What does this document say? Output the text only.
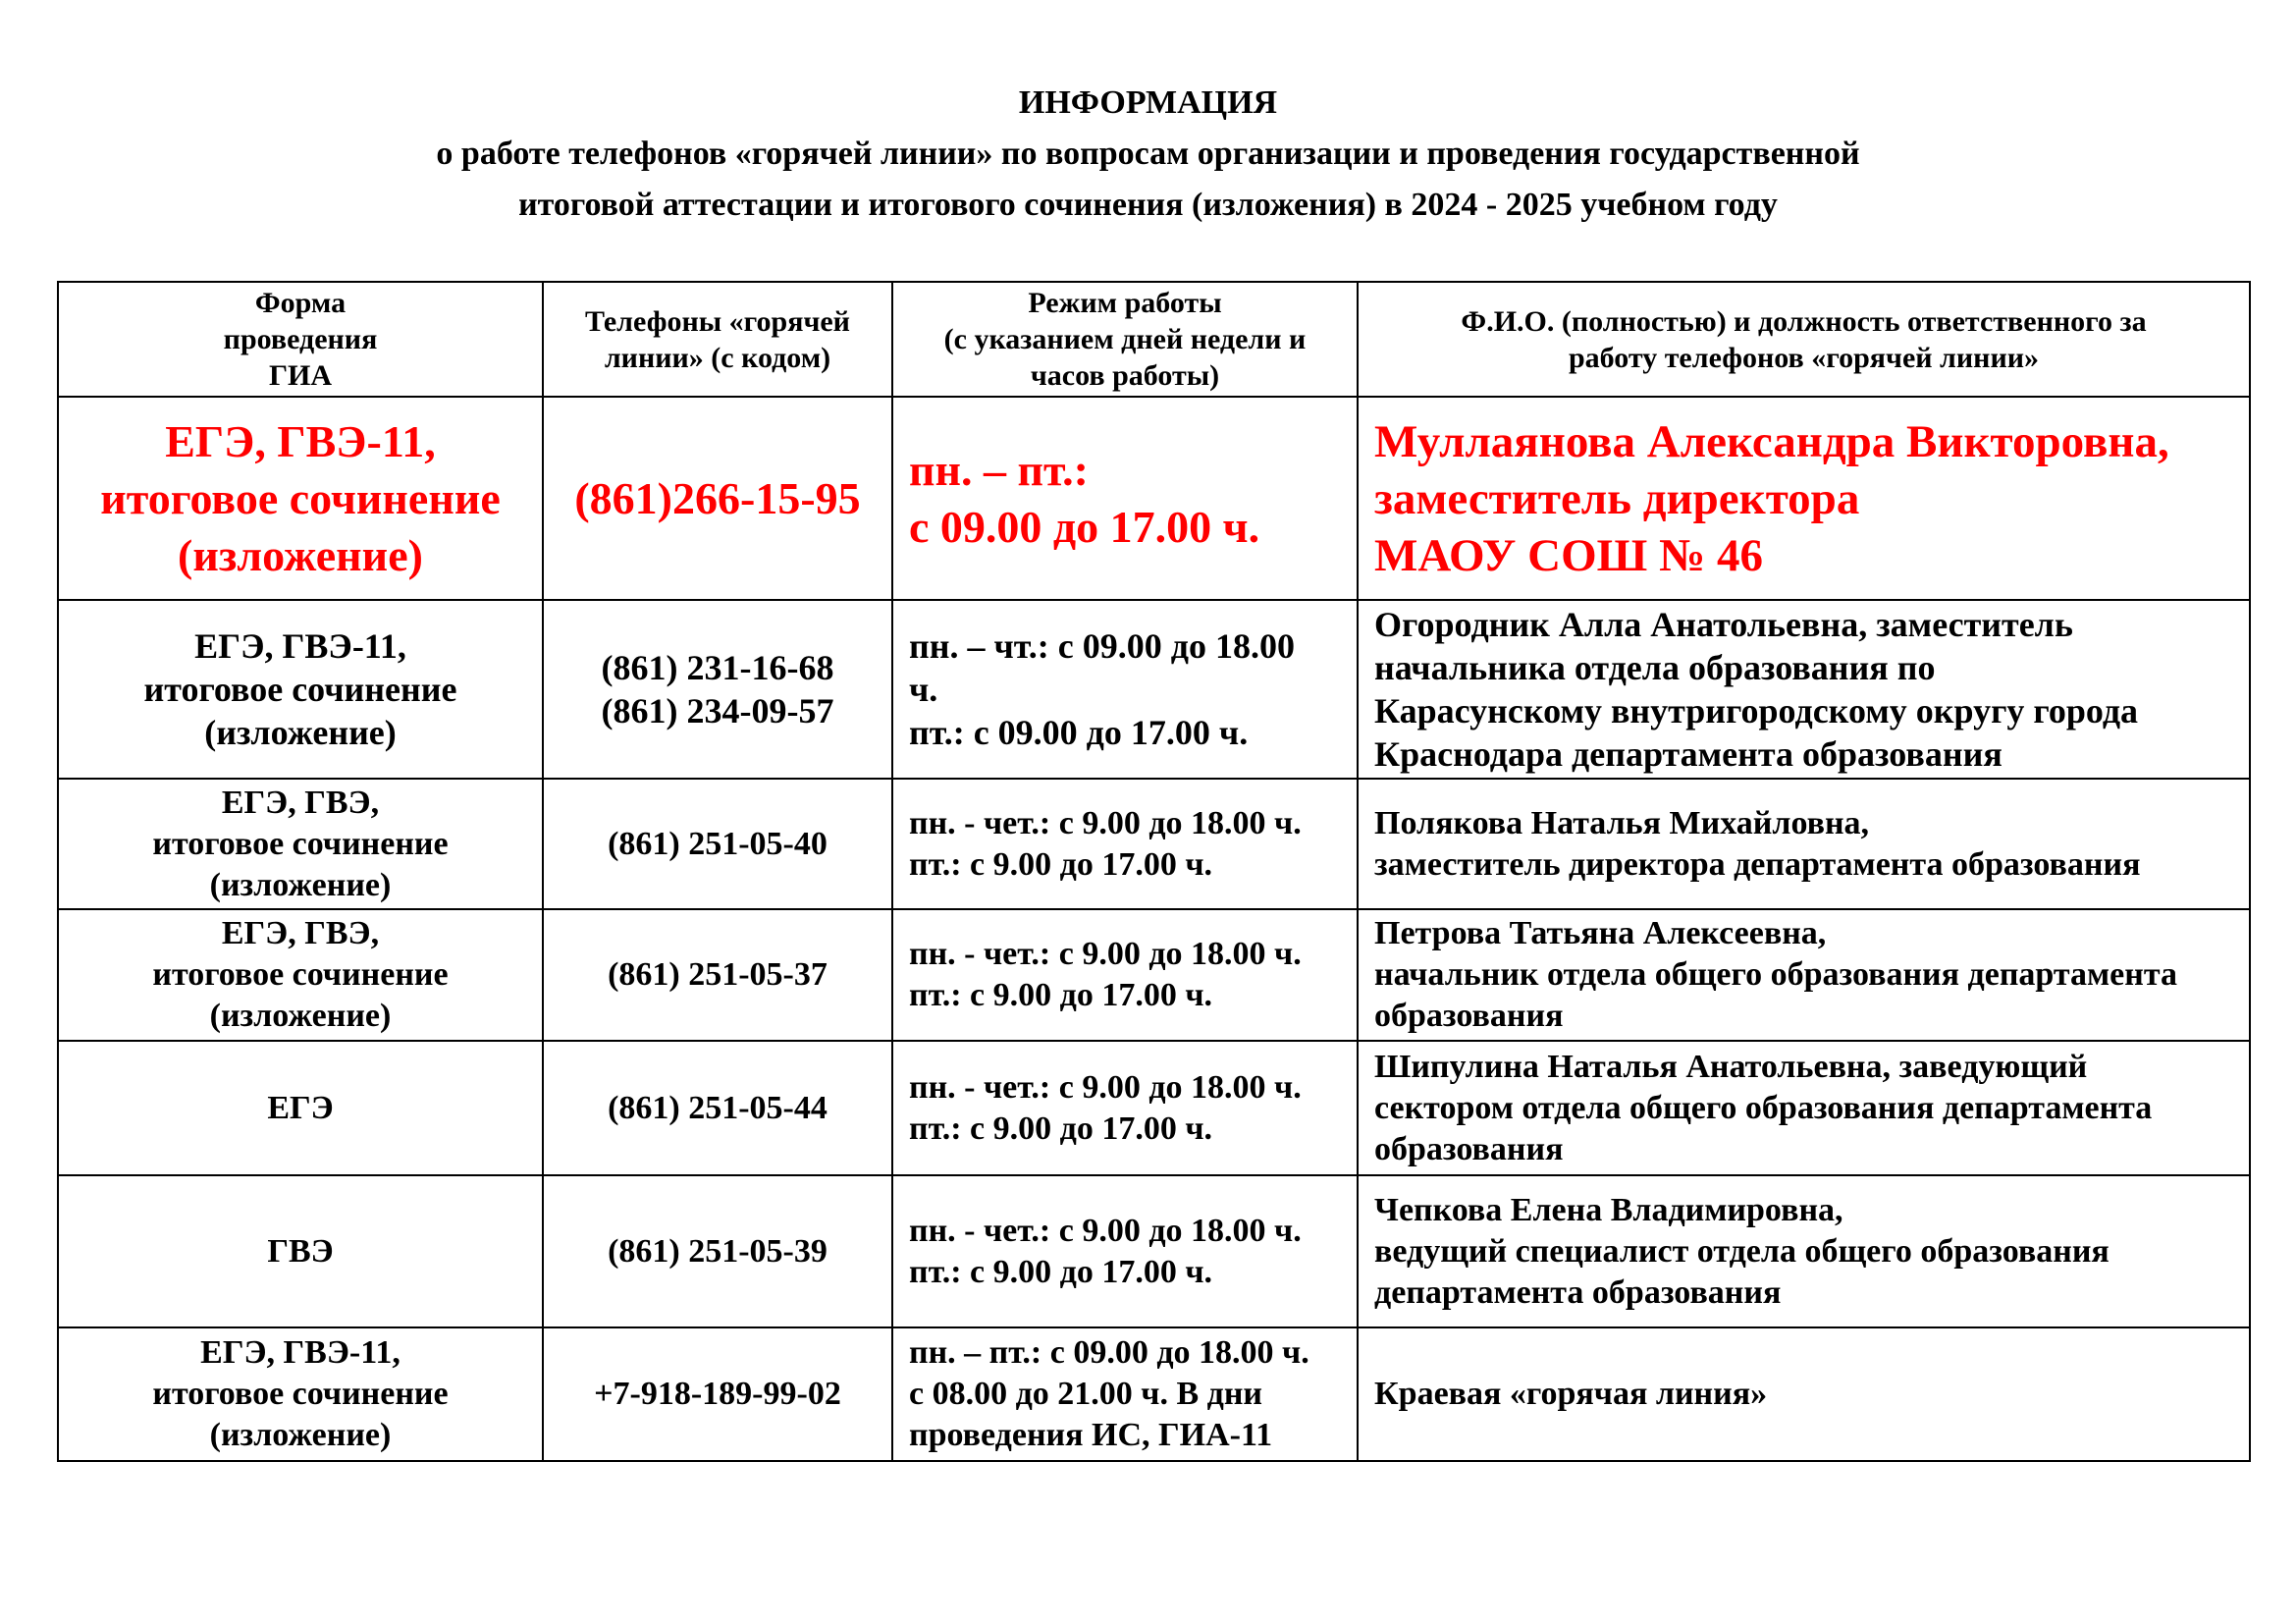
ИНФОРМАЦИЯ
о работе телефонов «горячей линии» по вопросам организации и проведения государственной
итоговой аттестации и итогового сочинения (изложения) в 2024 - 2025 учебном году
Форма
проведения
ГИА	Телефоны «горячей
линии» (с кодом)	Режим работы
(с указанием дней недели и
часов работы)	Ф.И.О. (полностью) и должность ответственного за
работу телефонов «горячей линии»

ЕГЭ, ГВЭ-11,
итоговое сочинение
(изложение)	(861)266-15-95	пн. – пт.:
с 09.00 до 17.00 ч.	Муллаянова Александра Викторовна,
заместитель директора
МАОУ СОШ № 46

ЕГЭ, ГВЭ-11,
итоговое сочинение
(изложение)	(861) 231-16-68
(861) 234-09-57	пн. – чт.: с 09.00 до 18.00
ч.
пт.: с 09.00 до 17.00 ч.	Огородник Алла Анатольевна, заместитель
начальника отдела образования по
Карасунскому внутригородскому округу города
Краснодара департамента образования

ЕГЭ, ГВЭ,
итоговое сочинение
(изложение)	(861) 251-05-40	пн. - чет.: с 9.00 до 18.00 ч.
пт.: с 9.00 до 17.00 ч.	Полякова Наталья Михайловна,
заместитель директора департамента образования

ЕГЭ, ГВЭ,
итоговое сочинение
(изложение)	(861) 251-05-37	пн. - чет.: с 9.00 до 18.00 ч.
пт.: с 9.00 до 17.00 ч.	Петрова Татьяна Алексеевна,
начальник отдела общего образования департамента
образования

ЕГЭ	(861) 251-05-44	пн. - чет.: с 9.00 до 18.00 ч.
пт.: с 9.00 до 17.00 ч.	Шипулина Наталья Анатольевна, заведующий
сектором отдела общего образования департамента
образования

ГВЭ	(861) 251-05-39	пн. - чет.: с 9.00 до 18.00 ч.
пт.: с 9.00 до 17.00 ч.	Чепкова Елена Владимировна,
ведущий специалист отдела общего образования
департамента образования

ЕГЭ, ГВЭ-11,
итоговое сочинение
(изложение)	+7-918-189-99-02	пн. – пт.: с 09.00 до 18.00 ч.
с 08.00 до 21.00 ч. В дни
проведения ИС, ГИА-11	Краевая «горячая линия»
